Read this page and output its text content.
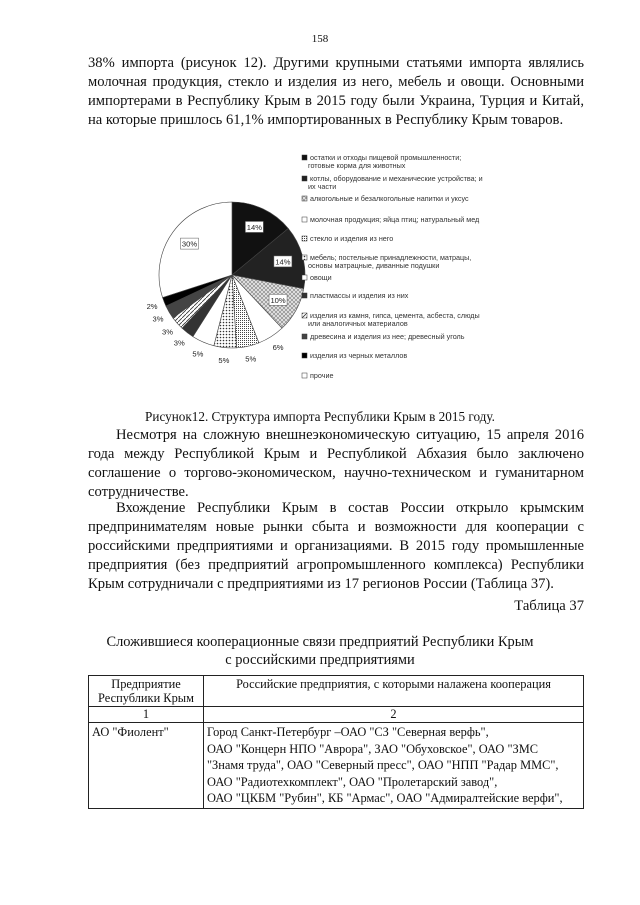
158

38% импорта (рисунок 12). Другими крупными статьями импорта являлись молочная продукция, стекло и изделия из него, мебель и овощи. Основными импортерами в Республику Крым в 2015 году были Украина, Турция и Китай, на которые пришлось 61,1% импортированных в Республику Крым товаров.

14%
14%
10%
6%
5%
5%
5%
3%
3%
3%
2%
30%
остатки и отходы пищевой промышленности; готовые корма для животных
котлы, оборудование и механические устройства; и их части
алкогольные и безалкогольные напитки и уксус
молочная продукция; яйца птиц; натуральный мед
стекло и изделия из него
мебель; постельные принадлежности, матрацы, основы матрацные, диванные подушки
овощи
пластмассы и изделия из них
изделия из камня, гипса, цемента, асбеста, слюды или аналогичных материалов
древесина и изделия из нее; древесный уголь
изделия из черных металлов
прочие
Рисунок12. Структура импорта Республики Крым в 2015 году.

Несмотря на сложную внешнеэкономическую ситуацию, 15 апреля 2016 года между Республикой Крым и Республикой Абхазия было заключено соглашение о торгово-экономическом, научно-техническом и гуманитарном сотрудничестве.

Вхождение Республики Крым в состав России открыло крымским предпринимателям новые рынки сбыта и возможности для кооперации с российскими предприятиями и организациями. В 2015 году промышленные предприятия (без предприятий агропромышленного комплекса) Республики Крым сотрудничали с предприятиями из 17 регионов России (Таблица 37).

Таблица 37
Сложившиеся кооперационные связи предприятий Республики Крым
с российскими предприятиями
Предприятие Республики Крым	Российские предприятия, с которыми налажена кооперация
1	2
АО "Фиолент"	Город Санкт-Петербург –ОАО "СЗ "Северная верфь",
ОАО "Концерн НПО "Аврора", ЗАО "Обуховское", ОАО "ЗМС
"Знамя труда", ОАО "Северный пресс", ОАО "НПП "Радар ММС",
ОАО "Радиотехкомплект", ОАО "Пролетарский завод",
ОАО "ЦКБМ "Рубин", КБ "Армас", ОАО "Адмиралтейские верфи",
